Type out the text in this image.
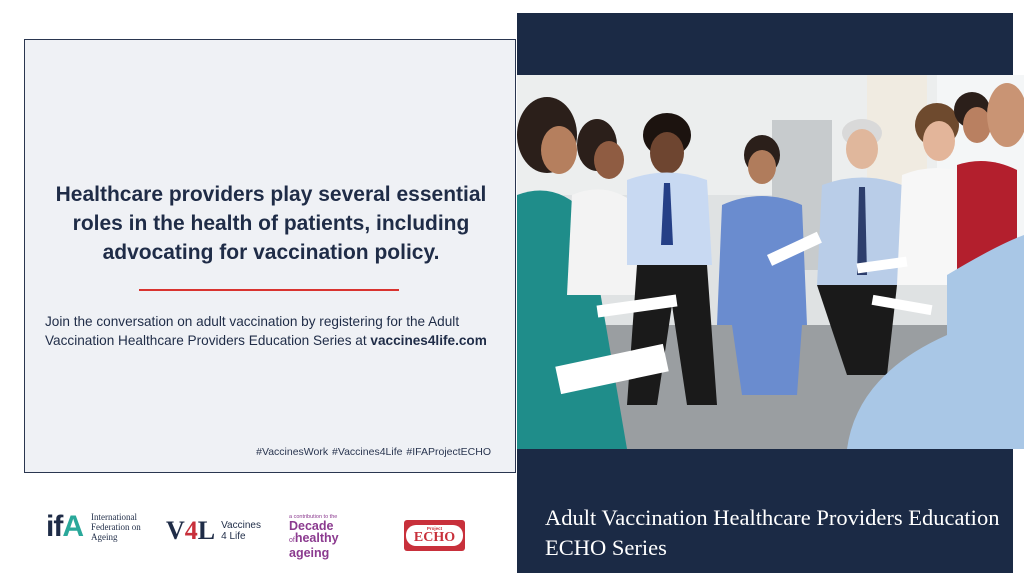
Healthcare providers play several essential roles in the health of patients, including advocating for vaccination policy.
Join the conversation on adult vaccination by registering for the Adult Vaccination Healthcare Providers Education Series at vaccines4life.com
#VaccinesWork #Vaccines4Life #IFAProjectECHO
Adult Vaccination Healthcare Providers Education ECHO Series
ifA International Federation on Ageing	V4L Vaccines 4 Life
a contribution to the
Decade
ofhealthy
ageing
Project
ECHO
